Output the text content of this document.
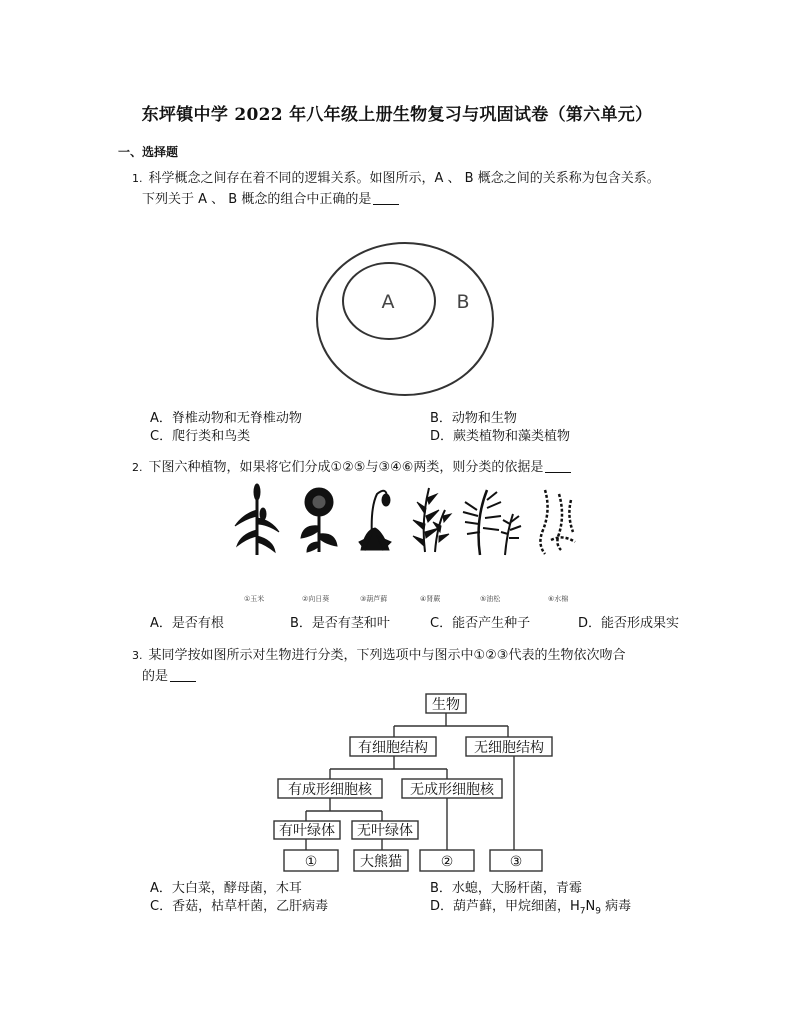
东坪镇中学 2022 年八年级上册生物复习与巩固试卷（第六单元）
一、选择题
1. 科学概念之间存在着不同的逻辑关系。如图所示，A 、 B 概念之间的关系称为包含关系。
下列关于 A 、 B 概念的组合中正确的是
A	B
A．脊椎动物和无脊椎动物	B．动物和生物
C．爬行类和鸟类	D．蕨类植物和藻类植物
2. 下图六种植物，如果将它们分成①②⑤与③④⑥两类，则分类的依据是
①玉米	②向日葵	③葫芦藓	④肾蕨	⑤油松	⑥水棉
A．是否有根	B．是否有茎和叶	C．能否产生种子	D．能否形成果实
3. 某同学按如图所示对生物进行分类，下列选项中与图示中①②③代表的生物依次吻合
的是
生物
有细胞结构	无细胞结构
有成形细胞核	无成形细胞核
有叶绿体 无叶绿体
①	大熊猫	②	③
A．大白菜，酵母菌，木耳	B．水螅，大肠杆菌，青霉
C．香菇，枯草杆菌，乙肝病毒	D．葫芦藓，甲烷细菌，$H_7N_9$ 病毒
